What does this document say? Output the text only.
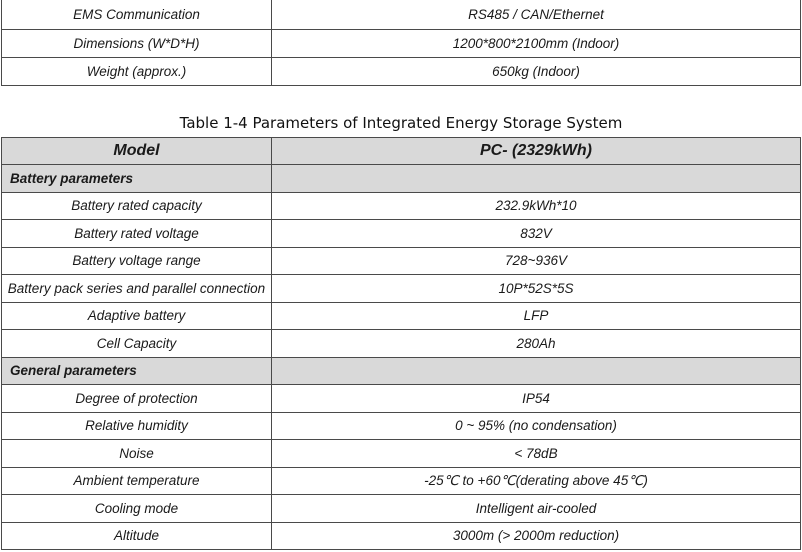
EMS Communication	RS485 / CAN/Ethernet
Dimensions (W*D*H)	1200*800*2100mm (Indoor)
Weight (approx.)	650kg (Indoor)
Table 1-4 Parameters of Integrated Energy Storage System
Model	PC- (2329kWh)
Battery parameters	
Battery rated capacity	232.9kWh*10
Battery rated voltage	832V
Battery voltage range	728~936V
Battery pack series and parallel connection	10P*52S*5S
Adaptive battery	LFP
Cell Capacity	280Ah
General parameters	
Degree of protection	IP54
Relative humidity	0 ~ 95% (no condensation)
Noise	< 78dB
Ambient temperature	-25℃ to +60℃(derating above 45℃)
Cooling mode	Intelligent air-cooled
Altitude	3000m (> 2000m reduction)
